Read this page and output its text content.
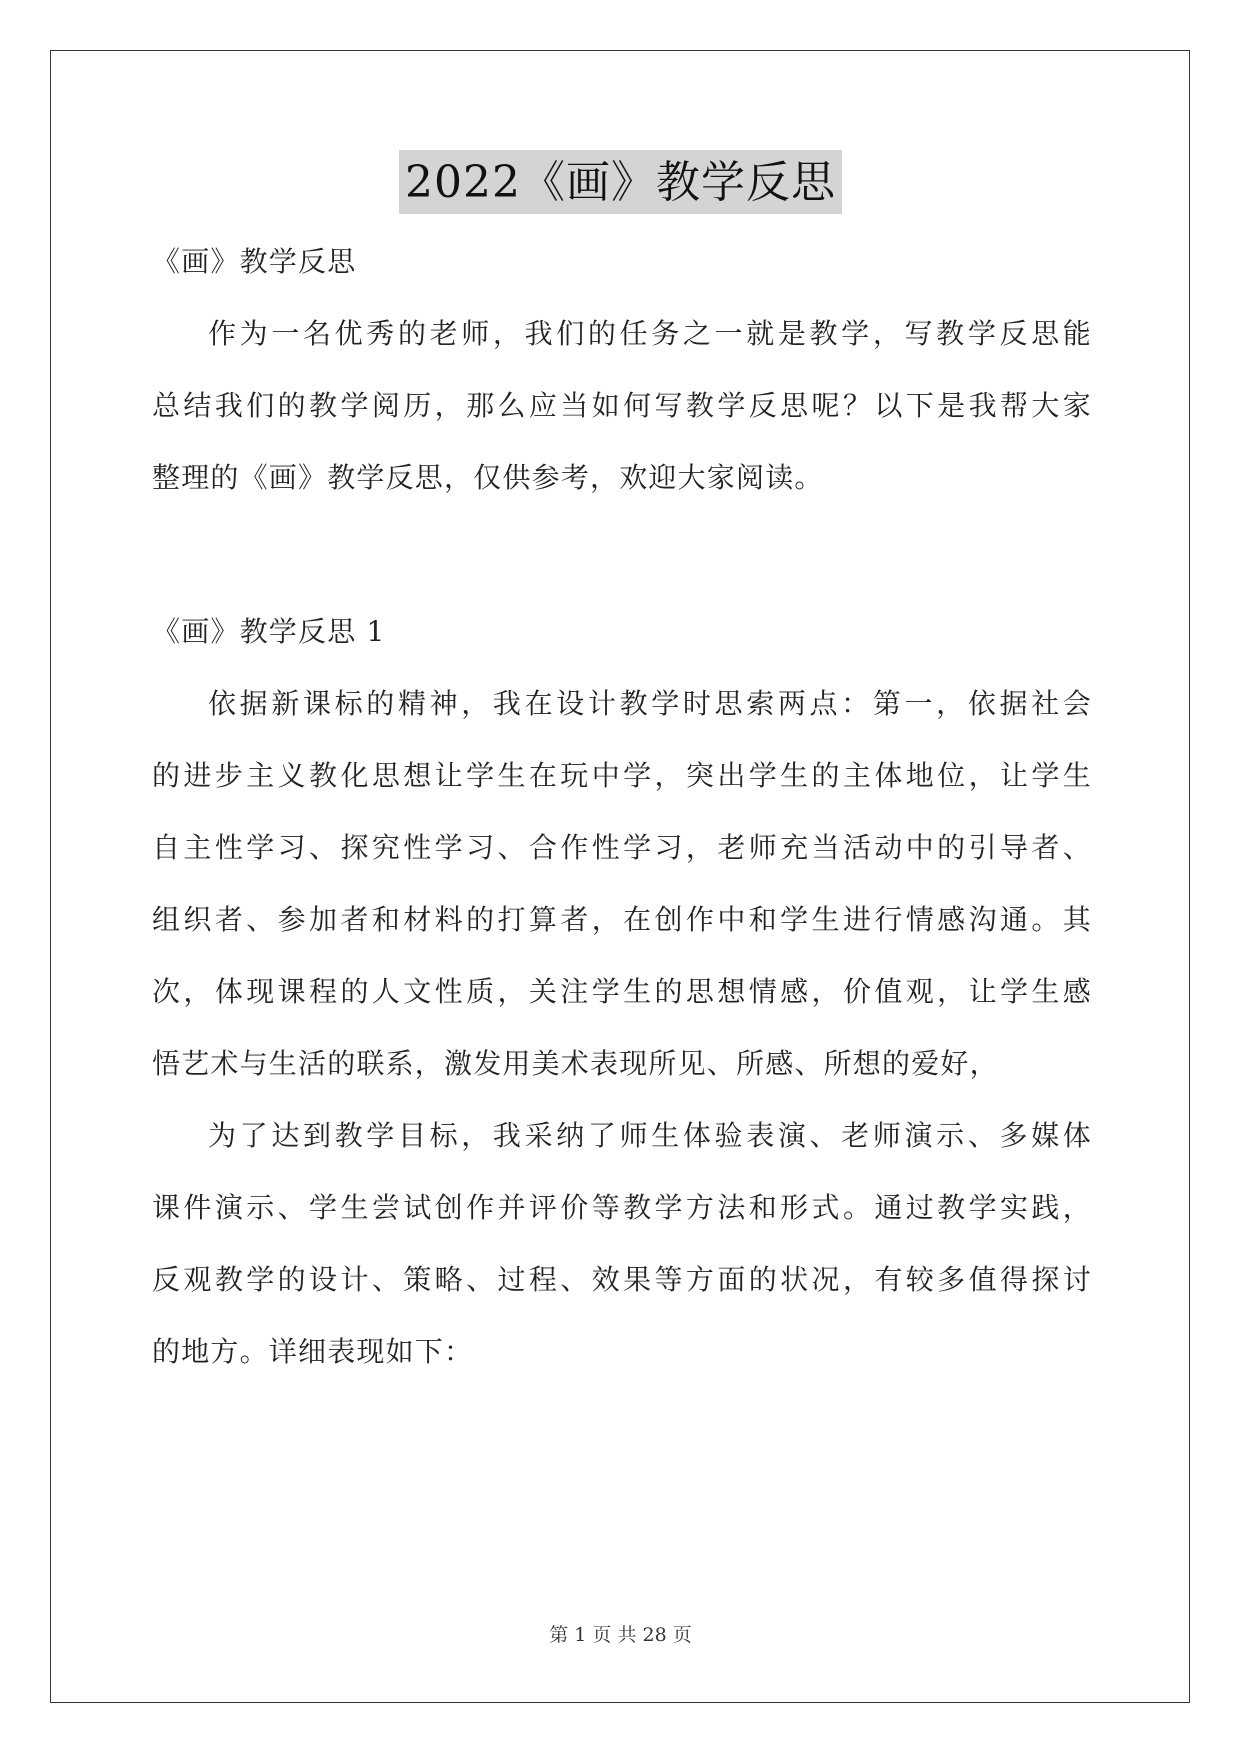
2022《画》教学反思
《画》教学反思
作为一名优秀的老师，我们的任务之一就是教学，写教学反思能
总结我们的教学阅历，那么应当如何写教学反思呢？以下是我帮大家
整理的《画》教学反思，仅供参考，欢迎大家阅读。
《画》教学反思 1
依据新课标的精神，我在设计教学时思索两点：第一，依据社会
的进步主义教化思想让学生在玩中学，突出学生的主体地位，让学生
自主性学习、探究性学习、合作性学习，老师充当活动中的引导者、
组织者、参加者和材料的打算者，在创作中和学生进行情感沟通。其
次，体现课程的人文性质，关注学生的思想情感，价值观，让学生感
悟艺术与生活的联系，激发用美术表现所见、所感、所想的爱好，
为了达到教学目标，我采纳了师生体验表演、老师演示、多媒体
课件演示、学生尝试创作并评价等教学方法和形式。通过教学实践，
反观教学的设计、策略、过程、效果等方面的状况，有较多值得探讨
的地方。详细表现如下：
第 1 页 共 28 页
